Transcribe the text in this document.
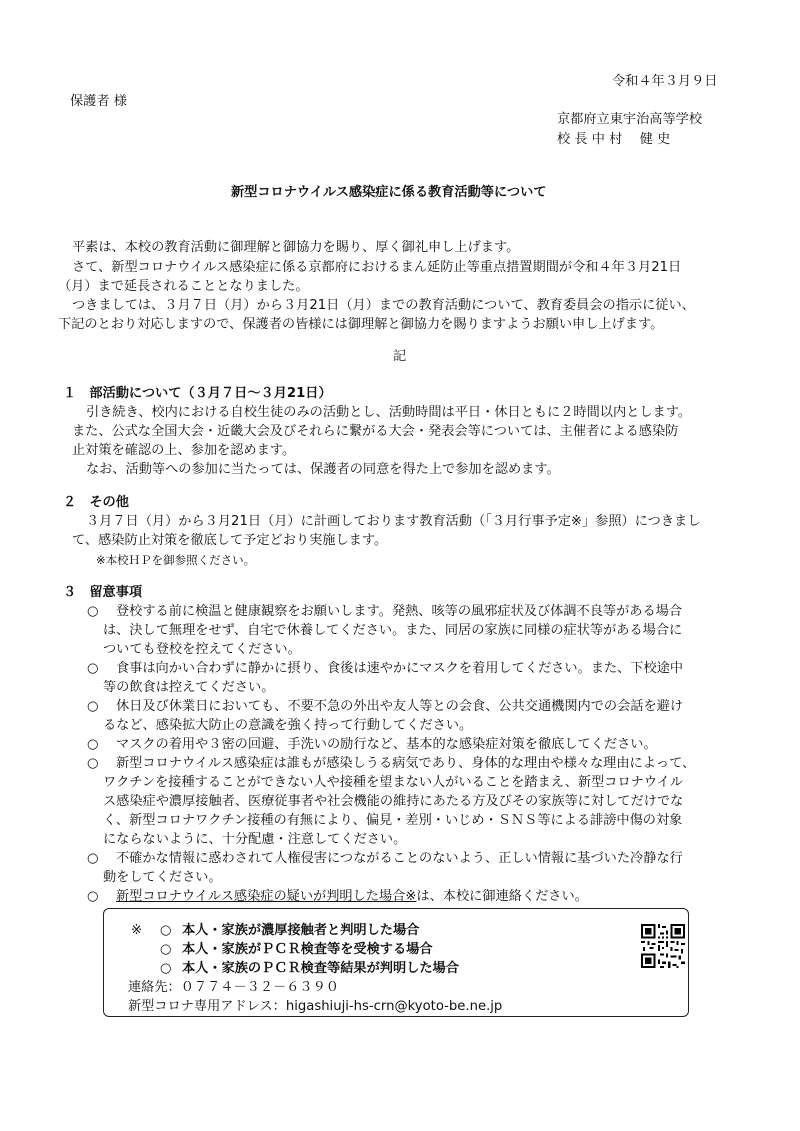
令和４年３月９日
保護者 様
京都府立東宇治高等学校
校 長 中 村　 健 史
新型コロナウイルス感染症に係る教育活動等について
平素は、本校の教育活動に御理解と御協力を賜り、厚く御礼申し上げます。
さて、新型コロナウイルス感染症に係る京都府におけるまん延防止等重点措置期間が令和４年３月21日
（月）まで延長されることとなりました。
つきましては、３月７日（月）から３月21日（月）までの教育活動について、教育委員会の指示に従い、
下記のとおり対応しますので、保護者の皆様には御理解と御協力を賜りますようお願い申し上げます。
記
１　部活動について（３月７日～３月21日）
引き続き、校内における自校生徒のみの活動とし、活動時間は平日・休日ともに２時間以内とします。
また、公式な全国大会・近畿大会及びそれらに繋がる大会・発表会等については、主催者による感染防
止対策を確認の上、参加を認めます。
なお、活動等への参加に当たっては、保護者の同意を得た上で参加を認めます。
２　その他
３月７日（月）から３月21日（月）に計画しております教育活動（「３月行事予定※」参照）につきまし
て、感染防止対策を徹底して予定どおり実施します。
※本校ＨＰを御参照ください。
３　留意事項
○ 登校する前に検温と健康観察をお願いします。発熱、咳等の風邪症状及び体調不良等がある場合
は、決して無理をせず、自宅で休養してください。また、同居の家族に同様の症状等がある場合に
ついても登校を控えてください。
○ 食事は向かい合わずに静かに摂り、食後は速やかにマスクを着用してください。また、下校途中
等の飲食は控えてください。
○ 休日及び休業日においても、不要不急の外出や友人等との会食、公共交通機関内での会話を避け
るなど、感染拡大防止の意識を強く持って行動してください。
○ マスクの着用や３密の回避、手洗いの励行など、基本的な感染症対策を徹底してください。
○ 新型コロナウイルス感染症は誰もが感染しうる病気であり、身体的な理由や様々な理由によって、
ワクチンを接種することができない人や接種を望まない人がいることを踏まえ、新型コロナウイル
ス感染症や濃厚接触者、医療従事者や社会機能の維持にあたる方及びその家族等に対してだけでな
く、新型コロナワクチン接種の有無により、偏見・差別・いじめ・ＳＮＳ等による誹謗中傷の対象
にならないように、十分配慮・注意してください。
○ 不確かな情報に惑わされて人権侵害につながることのないよう、正しい情報に基づいた冷静な行
動をしてください。
○ 新型コロナウイルス感染症の疑いが判明した場合※は、本校に御連絡ください。
※ ○ 本人・家族が濃厚接触者と判明した場合
○ 本人・家族がＰＣＲ検査等を受検する場合
○ 本人・家族のＰＣＲ検査等結果が判明した場合
連絡先：０７７４－３２－６３９０
新型コロナ専用アドレス：higashiuji-hs-crn@kyoto-be.ne.jp
